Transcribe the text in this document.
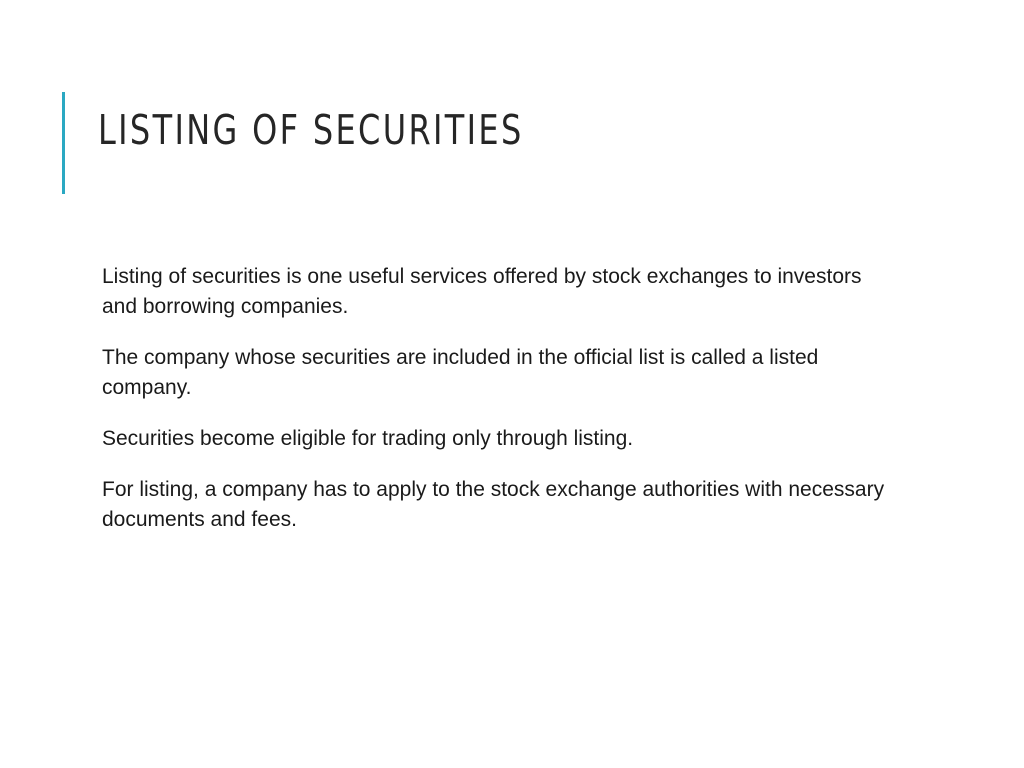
LISTING OF SECURITIES

Listing of securities is one useful services offered by stock exchanges to investors and borrowing companies.

The company whose securities are included in the official list is called a listed company.

Securities become eligible for trading only through listing.

For listing, a company has to apply to the stock exchange authorities with necessary documents and fees.
